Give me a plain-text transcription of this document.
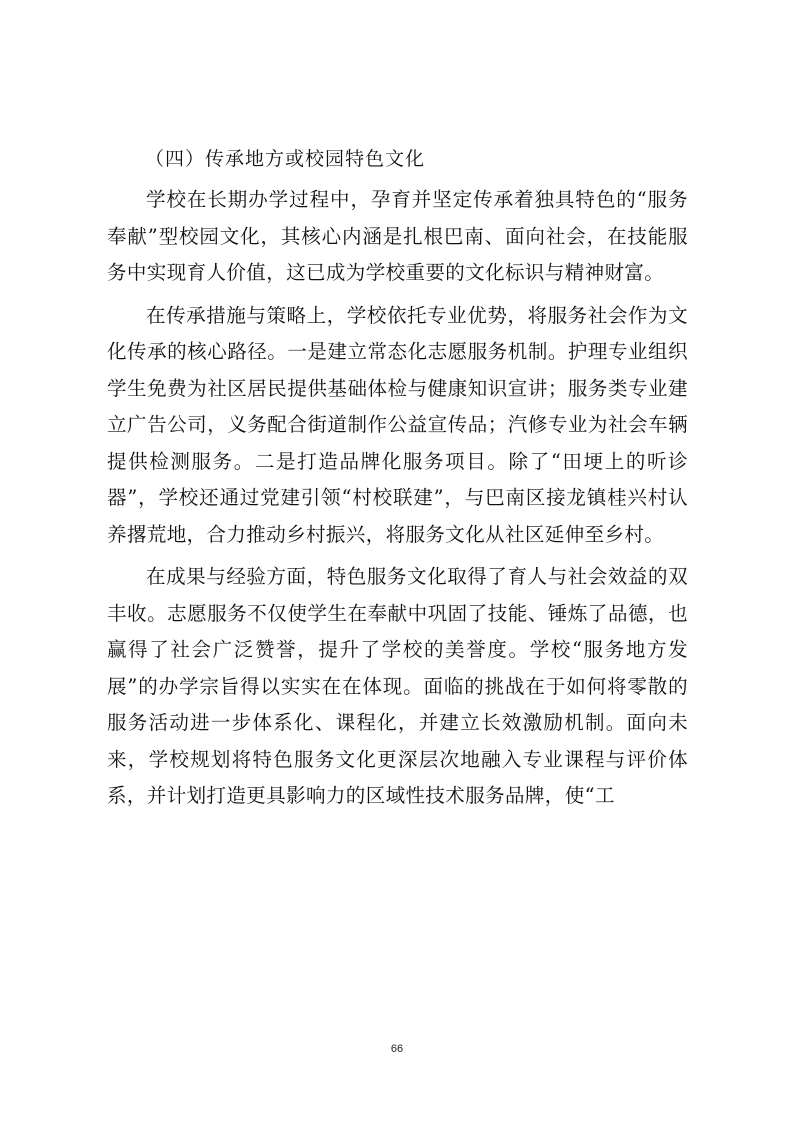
（四）传承地方或校园特色文化

学校在长期办学过程中，孕育并坚定传承着独具特色的“服务奉献”型校园文化，其核心内涵是扎根巴南、面向社会，在技能服务中实现育人价值，这已成为学校重要的文化标识与精神财富。

在传承措施与策略上，学校依托专业优势，将服务社会作为文化传承的核心路径。一是建立常态化志愿服务机制。护理专业组织学生免费为社区居民提供基础体检与健康知识宣讲；服务类专业建立广告公司，义务配合街道制作公益宣传品；汽修专业为社会车辆提供检测服务。二是打造品牌化服务项目。除了“田埂上的听诊器”，学校还通过党建引领“村校联建”，与巴南区接龙镇桂兴村认养撂荒地，合力推动乡村振兴，将服务文化从社区延伸至乡村。

在成果与经验方面，特色服务文化取得了育人与社会效益的双丰收。志愿服务不仅使学生在奉献中巩固了技能、锤炼了品德，也赢得了社会广泛赞誉，提升了学校的美誉度。学校“服务地方发展”的办学宗旨得以实实在在体现。面临的挑战在于如何将零散的服务活动进一步体系化、课程化，并建立长效激励机制。面向未来，学校规划将特色服务文化更深层次地融入专业课程与评价体系，并计划打造更具影响力的区域性技术服务品牌，使“工

66
